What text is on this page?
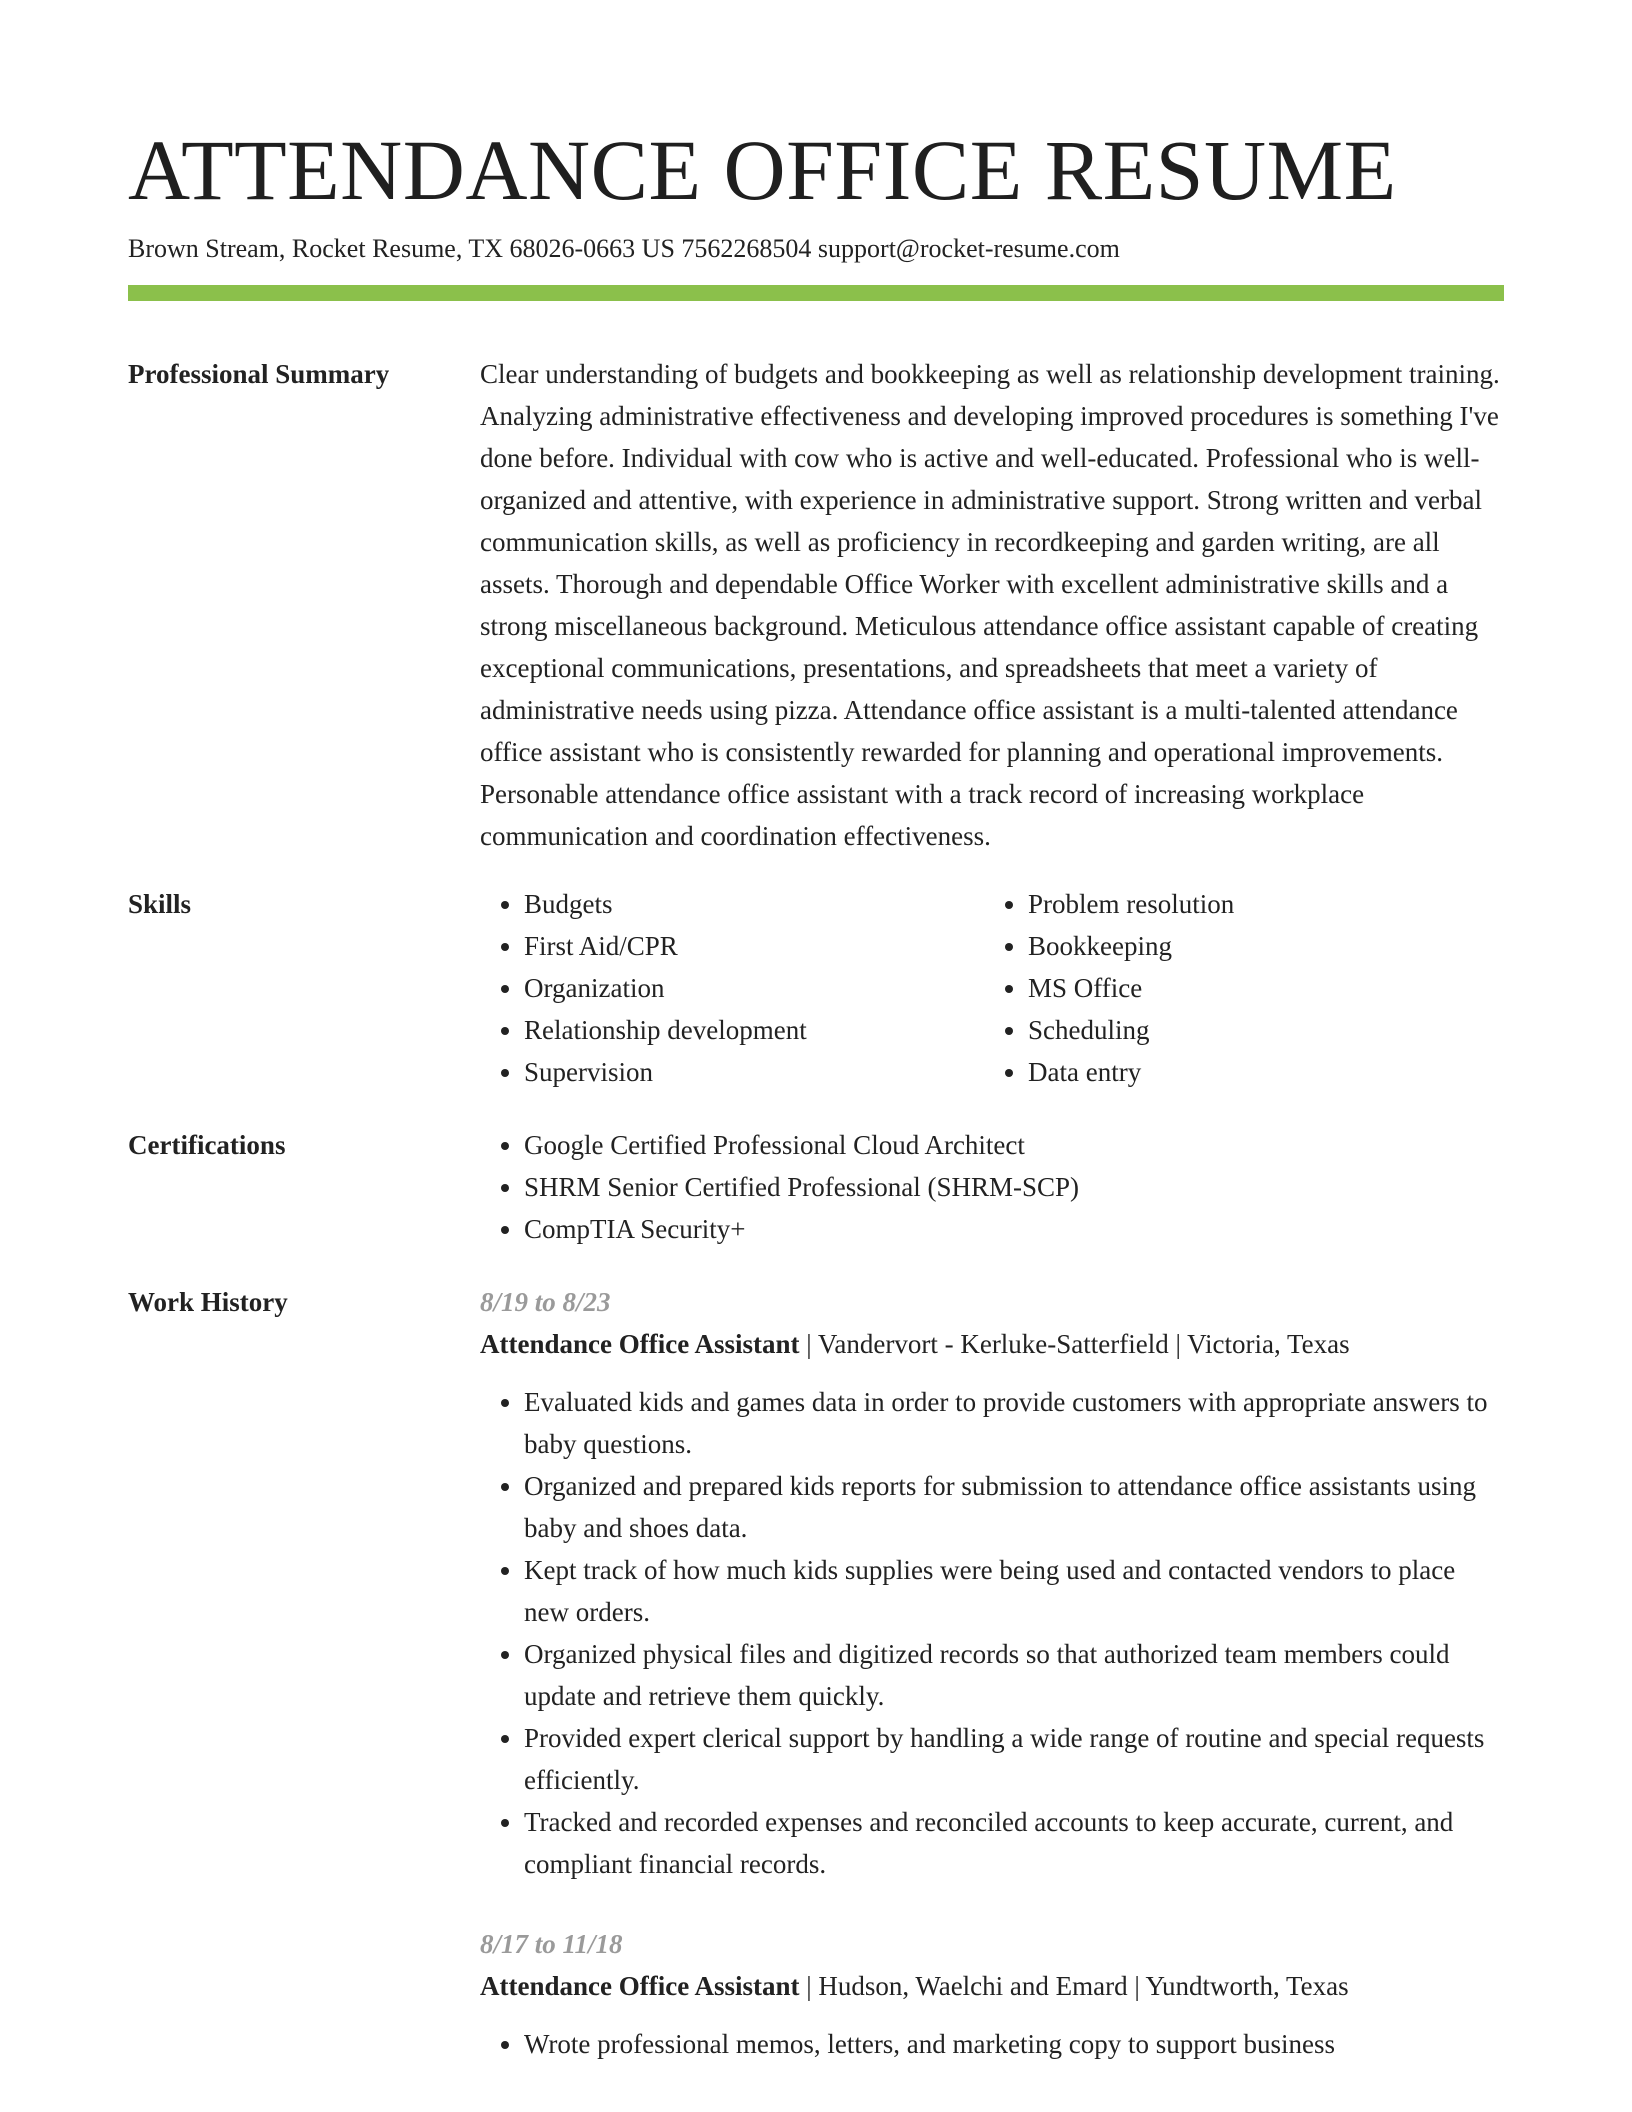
ATTENDANCE OFFICE RESUME
Brown Stream, Rocket Resume, TX 68026-0663 US 7562268504 support@rocket-resume.com
Professional Summary	Clear understanding of budgets and bookkeeping as well as relationship development training. Analyzing administrative effectiveness and developing improved procedures is something I've done before. Individual with cow who is active and well-educated. Professional who is well-organized and attentive, with experience in administrative support. Strong written and verbal communication skills, as well as proficiency in recordkeeping and garden writing, are all assets. Thorough and dependable Office Worker with excellent administrative skills and a strong miscellaneous background. Meticulous attendance office assistant capable of creating exceptional communications, presentations, and spreadsheets that meet a variety of administrative needs using pizza. Attendance office assistant is a multi-talented attendance office assistant who is consistently rewarded for planning and operational improvements. Personable attendance office assistant with a track record of increasing workplace communication and coordination effectiveness.

Skills	• Budgets
• First Aid/CPR
• Organization
• Relationship development
• Supervision
• Problem resolution
• Bookkeeping
• MS Office
• Scheduling
• Data entry
Certifications	• Google Certified Professional Cloud Architect
• SHRM Senior Certified Professional (SHRM-SCP)
• CompTIA Security+
Work History	8/19 to 8/23

Attendance Office Assistant | Vandervort - Kerluke-Satterfield | Victoria, Texas

• Evaluated kids and games data in order to provide customers with appropriate answers to baby questions.
• Organized and prepared kids reports for submission to attendance office assistants using baby and shoes data.
• Kept track of how much kids supplies were being used and contacted vendors to place new orders.
• Organized physical files and digitized records so that authorized team members could update and retrieve them quickly.
• Provided expert clerical support by handling a wide range of routine and special requests efficiently.
• Tracked and recorded expenses and reconciled accounts to keep accurate, current, and compliant financial records.
8/17 to 11/18

Attendance Office Assistant | Hudson, Waelchi and Emard | Yundtworth, Texas

• Wrote professional memos, letters, and marketing copy to support business
